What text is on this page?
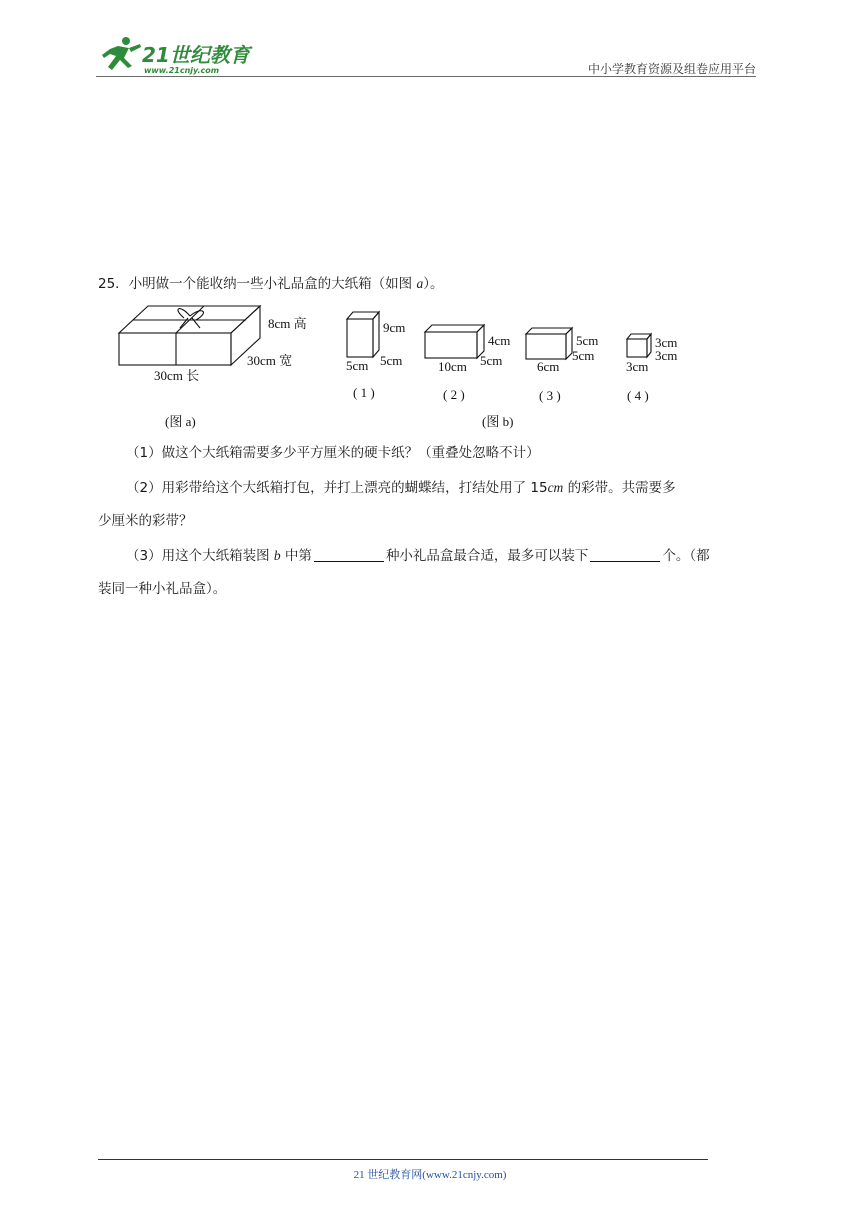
21世纪教育
www.21cnjy.com	中小学教育资源及组卷应用平台
25．小明做一个能收纳一些小礼品盒的大纸箱（如图 a）。
8cm 高
30cm 宽
30cm 长
(图 a)
9cm
5cm 5cm
( 1 )
4cm
10cm 5cm
( 2 )
5cm
6cm
5cm
( 3 )
3cm
3cm
3cm
( 4 )
(图 b)
（1）做这个大纸箱需要多少平方厘米的硬卡纸？（重叠处忽略不计）
（2）用彩带给这个大纸箱打包，并打上漂亮的蝴蝶结，打结处用了 15cm 的彩带。共需要多
少厘米的彩带？
（3）用这个大纸箱装图 b 中第	种小礼品盒最合适，最多可以装下	个。（都
装同一种小礼品盒）。
21 世纪教育网(www.21cnjy.com)
